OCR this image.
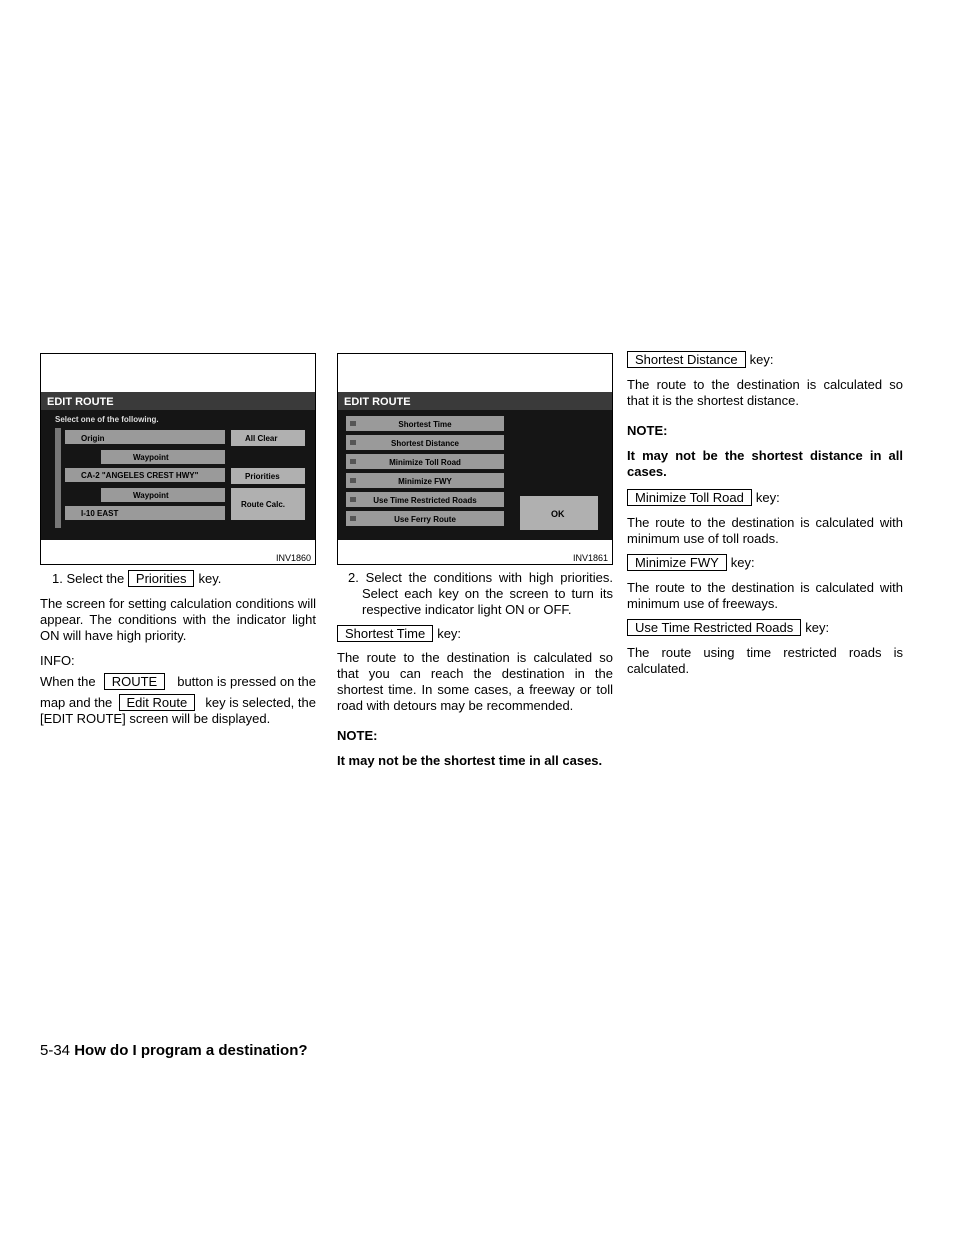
EDIT ROUTE
Select one of the following.
Origin
Waypoint
CA-2 "ANGELES CREST HWY"
Waypoint
I-10 EAST
All Clear
Priorities
Route Calc.
INV1860

1. Select the
Priorities key.

The screen for setting calculation conditions will appear. The conditions with the indicator light ON will have high priority.

INFO:

When the	ROUTE	button is pressed on the

map and the	Edit Route	key is selected, the

[EDIT ROUTE] screen will be displayed.

EDIT ROUTE
Shortest Time
Shortest Distance
Minimize Toll Road
Minimize FWY
Use Time Restricted Roads
Use Ferry Route
OK
INV1861

2. Select the conditions with high priorities. Select each key on the screen to turn its respective indicator light ON or OFF.

Shortest Time key:

The route to the destination is calculated so that you can reach the destination in the shortest time. In some cases, a freeway or toll road with detours may be recommended.

NOTE:

It may not be the shortest time in all cases.

Shortest Distance key:

The route to the destination is calculated so that it is the shortest distance.

NOTE:

It may not be the shortest distance in all cases.

Minimize Toll Road key:

The route to the destination is calculated with minimum use of toll roads.

Minimize FWY key:

The route to the destination is calculated with minimum use of freeways.

Use Time Restricted Roads key:

The route using time restricted roads is calculated.

5-34 How do I program a destination?
